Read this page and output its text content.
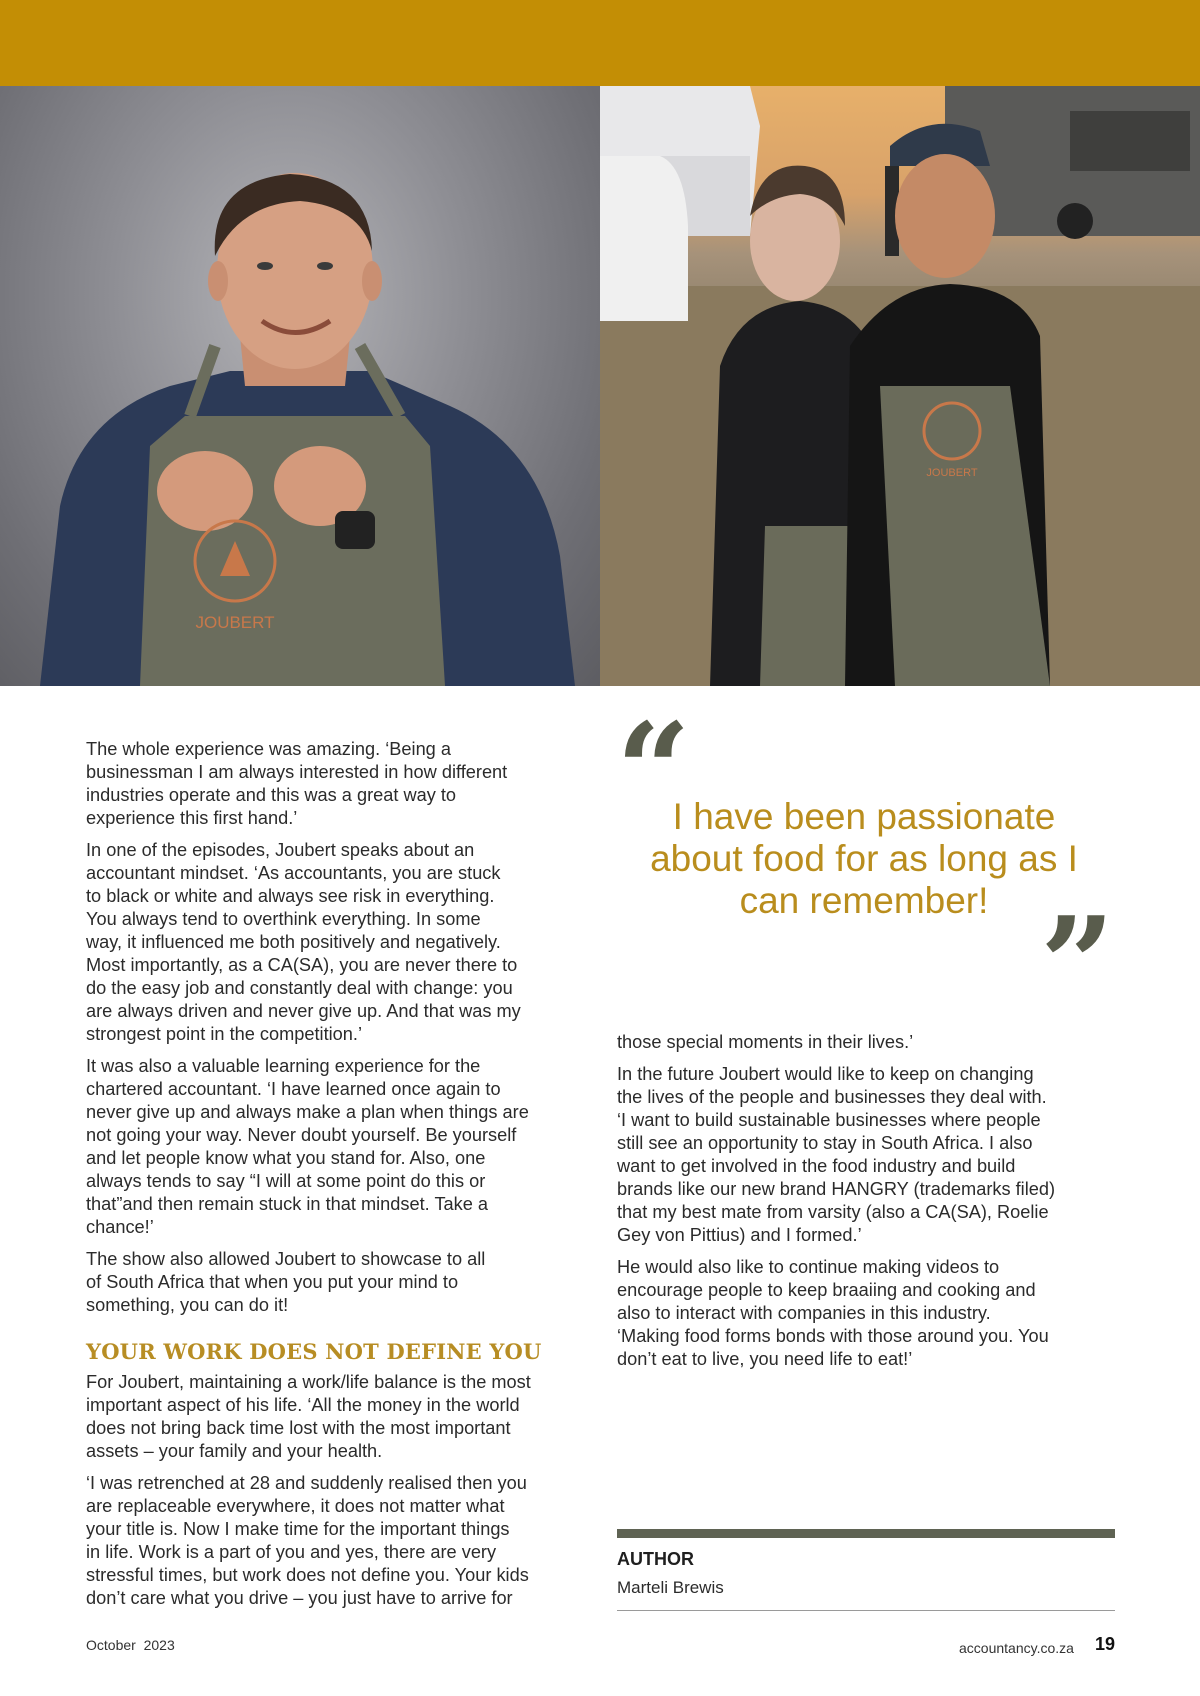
JOUBERT
JOUBERT

The whole experience was amazing. ‘Being a
businessman I am always interested in how different
industries operate and this was a great way to
experience this first hand.’

In one of the episodes, Joubert speaks about an
accountant mindset. ‘As accountants, you are stuck
to black or white and always see risk in everything.
You always tend to overthink everything. In some
way, it influenced me both positively and negatively.
Most importantly, as a CA(SA), you are never there to
do the easy job and constantly deal with change: you
are always driven and never give up. And that was my
strongest point in the competition.’

It was also a valuable learning experience for the
chartered accountant. ‘I have learned once again to
never give up and always make a plan when things are
not going your way. Never doubt yourself. Be yourself
and let people know what you stand for. Also, one
always tends to say “I will at some point do this or
that”and then remain stuck in that mindset. Take a
chance!’

The show also allowed Joubert to showcase to all
of South Africa that when you put your mind to
something, you can do it!

YOUR WORK DOES NOT DEFINE YOU

For Joubert, maintaining a work/life balance is the most
important aspect of his life. ‘All the money in the world
does not bring back time lost with the most important
assets – your family and your health.

‘I was retrenched at 28 and suddenly realised then you
are replaceable everywhere, it does not matter what
your title is. Now I make time for the important things
in life. Work is a part of you and yes, there are very
stressful times, but work does not define you. Your kids
don’t care what you drive – you just have to arrive for

“
I have been passionate
about food for as long as I
can remember! ”

those special moments in their lives.’

In the future Joubert would like to keep on changing
the lives of the people and businesses they deal with.
‘I want to build sustainable businesses where people
still see an opportunity to stay in South Africa. I also
want to get involved in the food industry and build
brands like our new brand HANGRY (trademarks filed)
that my best mate from varsity (also a CA(SA), Roelie
Gey von Pittius) and I formed.’

He would also like to continue making videos to
encourage people to keep braaiing and cooking and
also to interact with companies in this industry.
‘Making food forms bonds with those around you. You
don’t eat to live, you need life to eat!’

AUTHOR
Marteli Brewis
October  2023	accountancy.co.za 19
